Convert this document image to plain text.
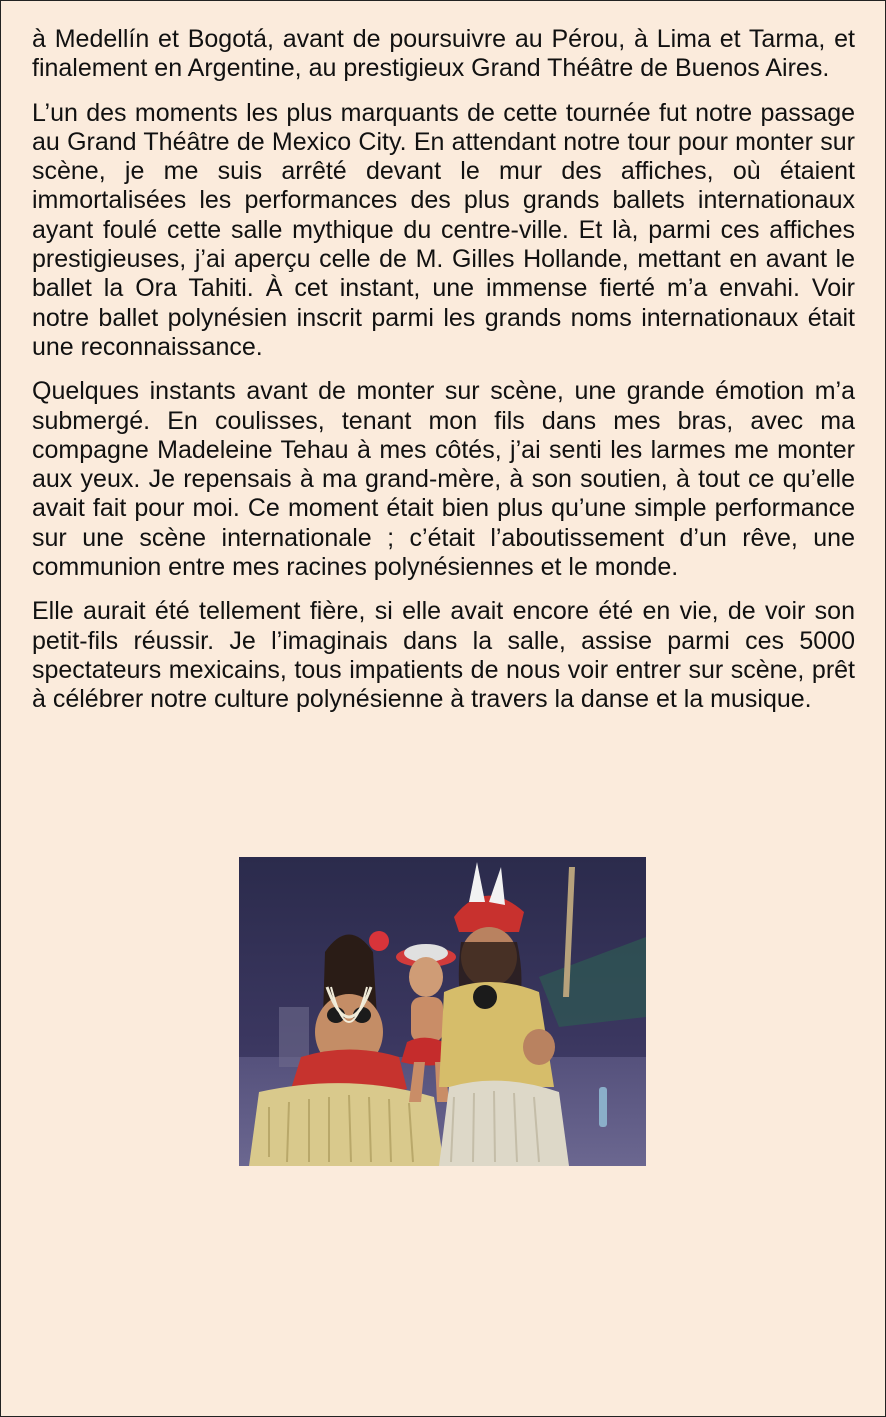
à Medellín et Bogotá, avant de poursuivre au Pérou, à Lima et Tarma, et finalement en Argentine, au prestigieux Grand Théâtre de Buenos Aires.

L’un des moments les plus marquants de cette tournée fut notre passage au Grand Théâtre de Mexico City. En attendant notre tour pour monter sur scène, je me suis arrêté devant le mur des affiches, où étaient immortalisées les performances des plus grands ballets internationaux ayant foulé cette salle mythique du centre-ville. Et là, parmi ces affiches prestigieuses, j’ai aperçu celle de M. Gilles Hollande, mettant en avant le ballet la Ora Tahiti. À cet instant, une immense fierté m’a envahi. Voir notre ballet polynésien inscrit parmi les grands noms internationaux était une reconnaissance.

Quelques instants avant de monter sur scène, une grande émotion m’a submergé. En coulisses, tenant mon fils dans mes bras, avec ma compagne Madeleine Tehau à mes côtés, j’ai senti les larmes me monter aux yeux. Je repensais à ma grand-mère, à son soutien, à tout ce qu’elle avait fait pour moi. Ce moment était bien plus qu’une simple performance sur une scène internationale ; c’était l’aboutissement d’un rêve, une communion entre mes racines polynésiennes et le monde.

Elle aurait été tellement fière, si elle avait encore été en vie, de voir son petit-fils réussir. Je l’imaginais dans la salle, assise parmi ces 5000 spectateurs mexicains, tous impatients de nous voir entrer sur scène, prêt à célébrer notre culture polynésienne à travers la danse et la musique.
